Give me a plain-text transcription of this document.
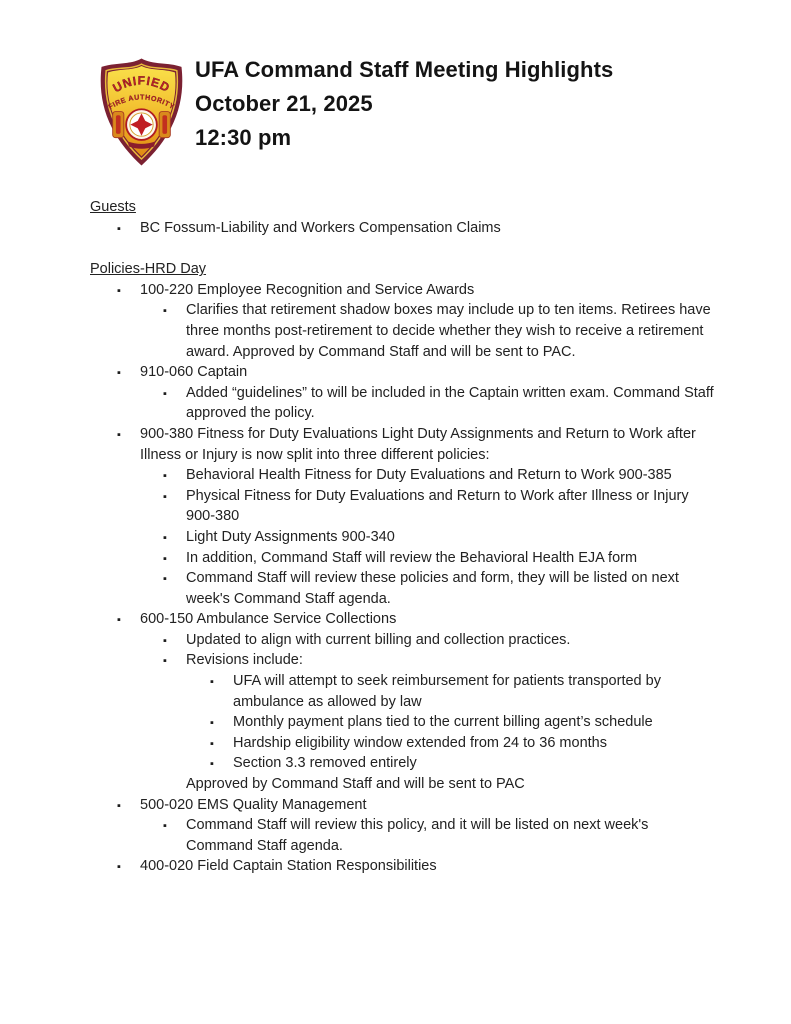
UNIFIED
FIRE AUTHORITY
UFA Command Staff Meeting Highlights
October 21, 2025
12:30 pm
Guests
▪ BC Fossum-Liability and Workers Compensation Claims
Policies-HRD Day
▪ 100-220 Employee Recognition and Service Awards
▪ Clarifies that retirement shadow boxes may include up to ten items. Retirees have three months post-retirement to decide whether they wish to receive a retirement award. Approved by Command Staff and will be sent to PAC.
▪ 910-060 Captain
▪ Added “guidelines” to will be included in the Captain written exam. Command Staff approved the policy.
▪ 900-380 Fitness for Duty Evaluations Light Duty Assignments and Return to Work after Illness or Injury is now split into three different policies:
▪ Behavioral Health Fitness for Duty Evaluations and Return to Work 900-385
▪ Physical Fitness for Duty Evaluations and Return to Work after Illness or Injury 900-380
▪ Light Duty Assignments 900-340
▪ In addition, Command Staff will review the Behavioral Health EJA form
▪ Command Staff will review these policies and form, they will be listed on next week's Command Staff agenda.
▪ 600-150 Ambulance Service Collections
▪ Updated to align with current billing and collection practices.
▪ Revisions include:
▪ UFA will attempt to seek reimbursement for patients transported by ambulance as allowed by law
▪ Monthly payment plans tied to the current billing agent’s schedule
▪ Hardship eligibility window extended from 24 to 36 months
▪ Section 3.3 removed entirely
Approved by Command Staff and will be sent to PAC
▪ 500-020 EMS Quality Management
▪ Command Staff will review this policy, and it will be listed on next week's Command Staff agenda.
▪ 400-020 Field Captain Station Responsibilities
